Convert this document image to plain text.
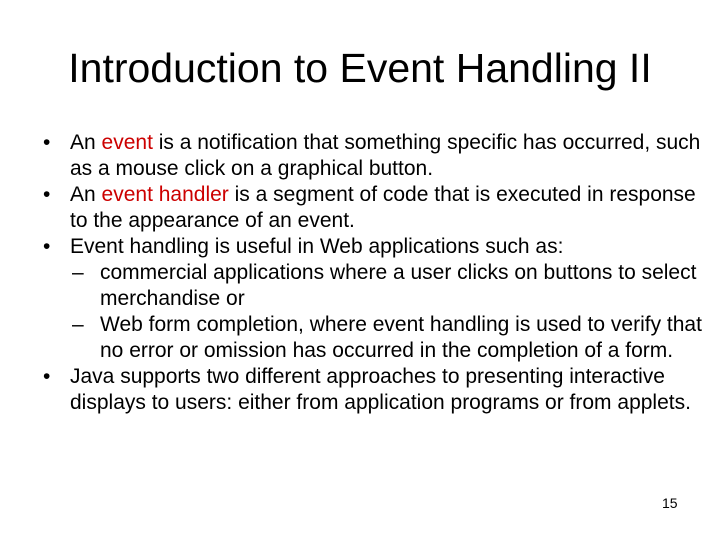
Introduction to Event Handling II
• An event is a notification that something specific has occurred, such as a mouse click on a graphical button.
• An event handler is a segment of code that is executed in response to the appearance of an event.
• Event handling is useful in Web applications such as:
– commercial applications where a user clicks on buttons to select merchandise or
– Web form completion, where event handling is used to verify that no error or omission has occurred in the completion of a form.
• Java supports two different approaches to presenting interactive displays to users: either from application programs or from applets.
15
